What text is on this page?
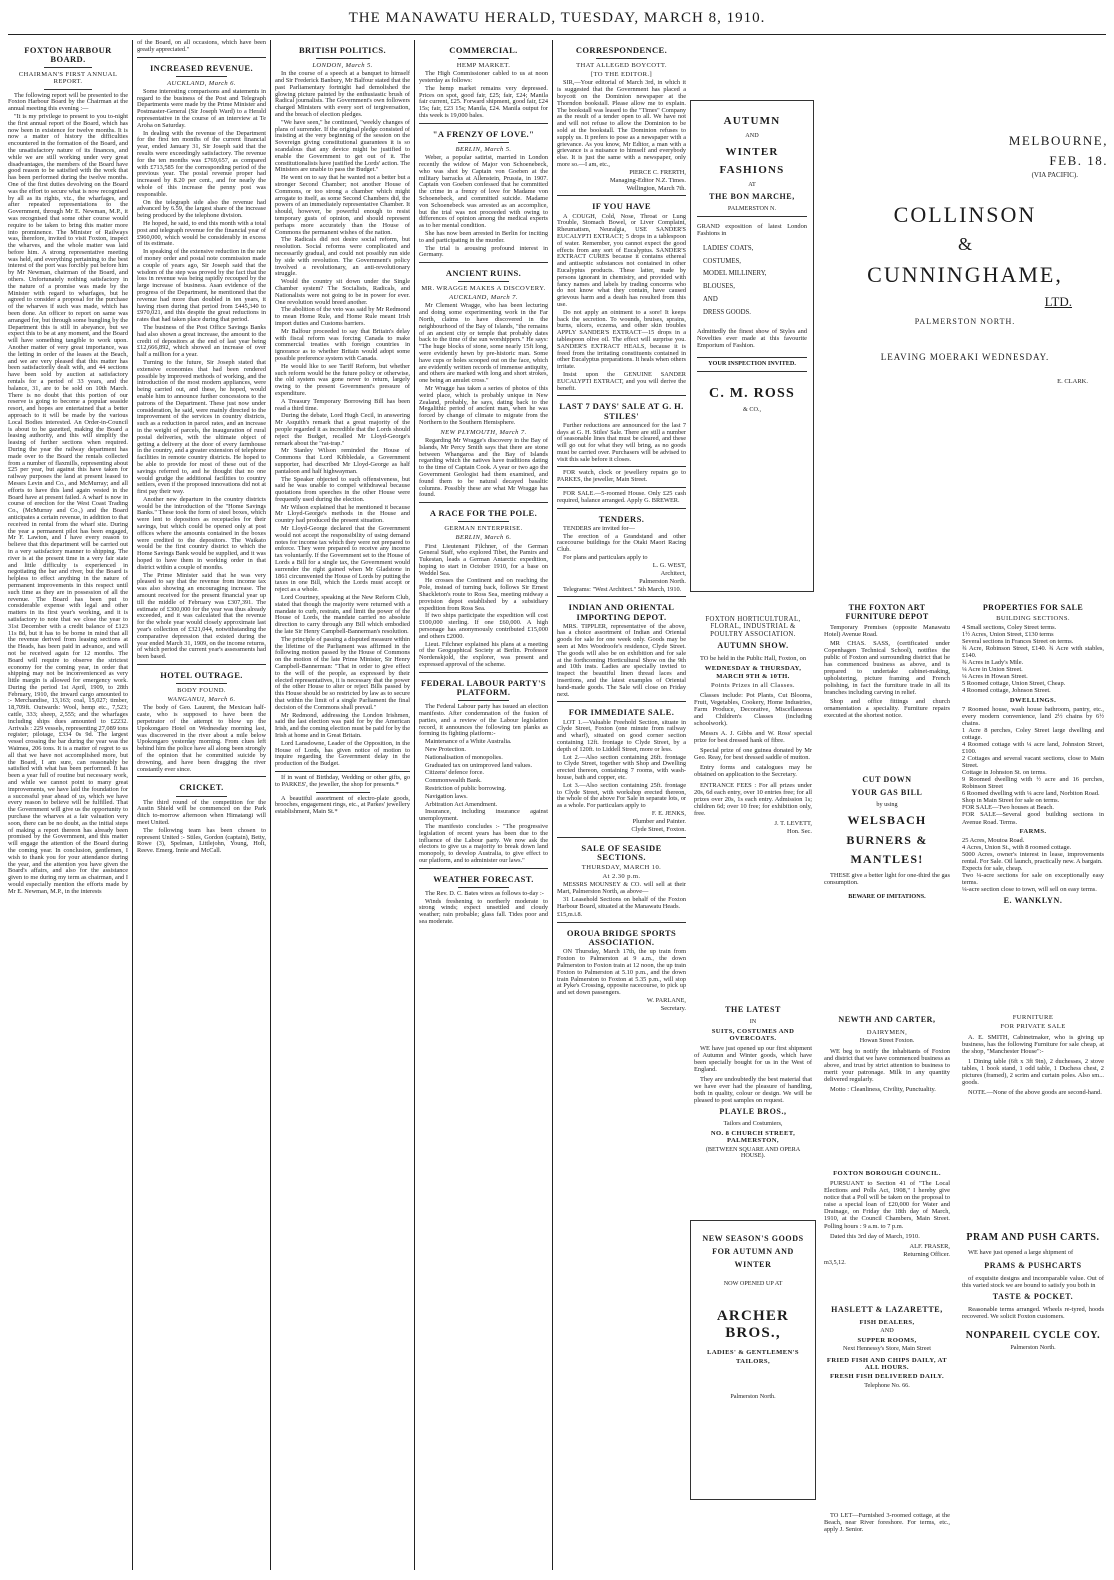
THE MANAWATU HERALD, TUESDAY, MARCH 8, 1910.
FOXTON HARBOUR BOARD.
CHAIRMAN'S FIRST ANNUAL REPORT.

The following report will be presented to the Foxton Harbour Board by the Chairman at the annual meeting this evening :—

"It is my privilege to present to you to-night the first annual report of the Board, which has now been in existence for twelve months. It is now a matter of history the difficulties encountered in the formation of the Board, and the unsatisfactory nature of its finances, and while we are still working under very great disadvantages, the members of the Board have good reason to be satisfied with the work that has been performed during the twelve months. One of the first duties devolving on the Board was the effort to secure what is now recognised by all as its rights, viz., the wharfages, and after repeated representations to the Government, through Mr E. Newman, M.P., it was recognised that some other course would require to be taken to bring this matter more into prominence. The Minister of Railways was, therefore, invited to visit Foxton, inspect the wharves, and the whole matter was laid before him. A strong representative meeting was held, and everything pertaining to the best interest of the port was forcibly put before him by Mr Newman, chairman of the Board, and others. Unfortunately nothing satisfactory in the nature of a promise was made by the Minister with regard to wharfages, but he agreed to consider a proposal for the purchase of the wharves if such was made, which has been done. An officer to report on same was arranged for, but through some bungling by the Department this is still in abeyance, but we expect this to be at any moment, and the Board will have something tangible to work upon. Another matter of very great importance, was the letting in order of the leases at the Beach, and we are very pleased that this matter has been satisfactorily dealt with, and 44 sections have been sold by auction at satisfactory rentals for a period of 33 years, and the balance, 31, are to be sold on 10th March. There is no doubt that this portion of our reserve is going to become a popular seaside resort, and hopes are entertained that a better approach to it will be made by the various Local Bodies interested. An Order-in-Council is about to be gazetted, making the Board a leasing authority, and this will simplify the leasing of further sections when required. During the year the railway department has made over to the Board the rentals collected from a number of flaxmills, representing about £25 per year, but against this have taken for railway purposes the land at present leased to Messrs Levin and Co., and McMurray; and all efforts to have this land again vested in the Board have at present failed. A wharf is now in course of erection for the West Coast Trading Co., (McMurray and Co.,) and the Board anticipates a certain revenue, in addition to that received in rental from the wharf site. During the year a permanent pilot has been engaged, Mr F. Lawton, and I have every reason to believe that this department will be carried out in a very satisfactory manner to shipping. The river is at the present time in a very fair state and little difficulty is experienced in negotiating the bar and river, but the Board is helpless to effect anything in the nature of permanent improvements in this respect until such time as they are in possession of all the revenue. The Board has been put to considerable expense with legal and other matters in its first year's working, and it is satisfactory to note that we close the year to 31st December with a credit balance of £123 11s 8d, but it has to be borne in mind that all the revenue derived from leasing sections at the Heads, has been paid in advance, and will not be received again for 12 months. The Board will require to observe the strictest economy for the coming year, in order that shipping may not be inconvenienced as very little margin is allowed for emergency work. During the period 1st April, 1909, to 28th February, 1910, the inward cargo amounted to :- Merchandise, 13,163; coal, 15,027; timber, 18,709ft. Outwards: Wool, hemp etc., 7,523; cattle, 333; sheep, 2,555; and the wharfages including ships dues amounted to £2232. Arrivals : 229 vessels, representing 27,089 tons register; pilotage, £334 0s 9d. The largest vessel crossing the bar during the year was the Waimea, 206 tons. It is a matter of regret to us all that we have not accomplished more, but the Board, I am sure, can reasonably be satisfied with what has been performed. It has been a year full of routine but necessary work, and while we cannot point to many great improvements, we have laid the foundation for a successful year ahead of us, which we have every reason to believe will be fulfilled. That the Government will give us the opportunity to purchase the wharves at a fair valuation very soon, there can be no doubt, as the initial steps of making a report thereon has already been promised by the Government, and this matter will engage the attention of the Board during the coming year. In conclusion, gentlemen, I wish to thank you for your attendance during the year, and the attention you have given the Board's affairs, and also for the assistance given to me during my term as chairman, and I would especially mention the efforts made by Mr E. Newman, M.P., in the interests

of the Board, on all occasions, which have been greatly appreciated."

INCREASED REVENUE.
AUCKLAND, March 6.

Some interesting comparisons and statements in regard to the business of the Post and Telegraph Departments were made by the Prime Minister and Postmaster-General (Sir Joseph Ward) to a Herald representative in the course of an interview at Te Aroha on Saturday.

In dealing with the revenue of the Department for the first ten months of the current financial year, ended January 31, Sir Joseph said that the results were exceedingly satisfactory. The revenue for the ten months was £769,657, as compared with £713,585 for the corresponding period of the previous year. The postal revenue proper had increased by 8.20 per cent., and for nearly the whole of this increase the penny post was responsible.

On the telegraph side also the revenue had advanced by 6.59, the largest share of the increase being produced by the telephone division.

He hoped, he said, to end this month with a total post and telegraph revenue for the financial year of £960,000, which would be considerably in excess of its estimate.

In speaking of the extensive reduction in the rate of money order and postal note commission made a couple of years ago, Sir Joseph said that the wisdom of the step was proved by the fact that the loss in revenue was being rapidly recouped by the large increase of business. Asan evidence of the progress of the Department, he mentioned that the revenue had more than doubled in ten years, it having risen during that period from £445,340 to £970,021, and this despite the great reductions in rates that had taken place during that period.

The business of the Post Office Savings Banks had also shown a great increase, the amount to the credit of depositors at the end of last year being £12,666,892, which showed an increase of over half a million for a year.

Turning to the future, Sir Joseph stated that extensive economies that had been rendered possible by improved methods of working, and the introduction of the most modern appliances, were being carried out, and these, he hoped, would enable him to announce further concessions to the patrons of the Department. These just now under consideration, he said, were mainly directed to the improvement of the services in country districts, such as a reduction in parcel rates, and an increase in the weight of parcels, the inauguration of rural postal deliveries, with the ultimate object of getting a delivery at the door of every farmhouse in the country, and a greater extension of telephone facilities in remote country districts. He hoped to be able to provide for most of these out of the savings referred to, and he thought that no one would grudge the additional facilities to country settlers, even if the proposed innovations did not at first pay their way.

Another new departure in the country districts would be the introduction of the "Home Savings Banks." These took the form of steel boxes, which were lent to depositors as receptacles for their savings, but which could be opened only at post offices where the amounts contained in the boxes were credited to the depositors. The Waikato would be the first country district to which the Home Savings Bank would be supplied, and it was hoped to have them in working order in that district within a couple of months.

The Prime Minister said that he was very pleased to say that the revenue from income tax was also showing an encouraging increase. The amount received for the present financial year up till the middle of February was £307,391. The estimate of £300,000 for the year was thus already exceeded, and it was calculated that the revenue for the whole year would closely approximate last year's collection of £321,044, notwithstanding the comparative depression that existed during the year ended March 31, 1909, on the income returns, of which period the current year's assessments had been based.

HOTEL OUTRAGE.
BODY FOUND.
WANGANUI, March 6.

The body of Geo. Laurent, the Mexican half-caste, who is supposed to have been the perpetrator of the attempt to blow up the Upokongaro Hotel on Wednesday morning last, was discovered in the river about a mile below Upokongaro yesterday morning. From clues left behind him the police have all along been strongly of the opinion that he committed suicide by drowning, and have been dragging the river constantly ever since.

CRICKET.

The third round of the competition for the Austin Shield will be commenced on the Park ditch to-morrow afternoon when Himatangi will meet United.

The following team has been chosen to represent United :- Stiles, Gordon (captain), Betty, Rowe (3), Spelman, Littlejohn, Young, Holt, Reeve. Emerg. Innie and McCall.

BRITISH POLITICS.
LONDON, March 5.

In the course of a speech at a banquet to himself and Sir Frederick Banbury, Mr Balfour stated that the past Parliamentary fortnight had demolished the glowing picture painted by the enthusiastic brush of Radical journalists. The Government's own followers charged Ministers with every sort of tergiversation, and the breach of election pledges.

"We have seen," he continued, "weekly changes of plans of surrender. If the original pledge consisted of insisting at the very beginning of the session on the Sovereign giving constitutional guarantees it is so scandalous that any device might be justified to enable the Government to get out of it. The constitutionalists have justified the Lords' action. The Ministers are unable to pass the Budget."

He went on to say that he wanted not a better but a stronger Second Chamber; not another House of Commons, or too strong a chamber which might arrogate to itself, as some Second Chambers did, the powers of an immediately representative Chamber. It should, however, be powerful enough to resist temporary gusts of opinion, and should represent perhaps more accurately than the House of Commons the permanent wishes of the nation.

The Radicals did not desire social reform, but resolution. Social reforms were complicated and necessarily gradual, and could not possibly run side by side with revolution. The Government's policy involved a revolutionary, an anti-revolutionary struggle.

Would the country sit down under the Single Chamber system? The Socialists, Radicals, and Nationalists were not going to be in power for ever. One revolution would breed another.

The abolition of the veto was said by Mr Redmond to mean Home Rule, and Home Rule meant Irish import duties and Customs barriers.

Mr Balfour proceeded to say that Britain's delay with fiscal reform was forcing Canada to make commercial treaties with foreign countries in ignorance as to whether Britain would adopt some possible preference system with Canada.

He would like to see Tariff Reform, but whether such reform would be the future policy or otherwise, the old system was gone never to return, largely owing to the present Government's pressure of expenditure.

A Treasury Temporary Borrowing Bill has been read a third time.

During the debate, Lord Hugh Cecil, in answering Mr Asquith's remark that a great majority of the people regarded it as incredible that the Lords should reject the Budget, recalled Mr Lloyd-George's remark about the "rat-trap."

Mr Stanley Wilson reminded the House of Commons that Lord Kibbledale, a Government supporter, had described Mr Lloyd-George as half pantaloon and half highwayman.

The Speaker objected to such offensiveness, but said he was unable to compel withdrawal because quotations from speeches in the other House were frequently used during the election.

Mr Wilson explained that he mentioned it because Mr Lloyd-George's methods in the House and country had produced the present situation.

Mr Lloyd-George declared that the Government would not accept the responsibility of using demand notes for income tax which they were not prepared to enforce. They were prepared to receive any income tax voluntarily. If the Government set to the House of Lords a Bill for a single tax, the Government would surrender the right gained when Mr Gladstone in 1861 circumvented the House of Lords by putting the taxes in one Bill, which the Lords must accept or reject as a whole.

Lord Courtney, speaking at the New Reform Club, stated that though the majority were returned with a mandate to curb, restrain, and limit the power of the House of Lords, the mandate carried no absolute direction to carry through any Bill which embodied the late Sir Henry Campbell-Bannerman's resolution.

The principle of passing a disputed measure within the lifetime of the Parliament was affirmed in the following motion passed by the House of Commons on the motion of the late Prime Minister, Sir Henry Campbell-Bannerman: "That in order to give effect to the will of the people, as expressed by their elected representatives, it is necessary that the power of the other House to alter or reject Bills passed by this House should be so restricted by law as to secure that within the limit of a single Parliament the final decision of the Commons shall prevail."

Mr Redmond, addressing the London Irishmen, said the last election was paid for by the American Irish, and the coming election must be paid for by the Irish at home and in Great Britain.

Lord Lansdowne, Leader of the Opposition, in the House of Lords, has given notice of motion to inquire regarding the Government delay in the production of the Budget.

If in want of Birthday, Wedding or other gifts, go to PARKES', the jeweller, the shop for presents.*

A beautiful assortment of electro-plate goods, brooches, engagement rings, etc., at Parkes' jewellery establishment, Main St.*

COMMERCIAL.
HEMP MARKET.

The High Commissioner cabled to us at noon yesterday as follows:

The hemp market remains very depressed. Prices on spot, good fair, £25; fair, £24; Manila fair current, £25. Forward shipment, good fair, £24 15s; fair, £23 15s; Manila, £24. Manila output for this week is 19,000 bales.

"A FRENZY OF LOVE."
BERLIN, March 5.

Weber, a popular satirist, married in London recently the widow of Major von Schoenebeck, who was shot by Captain von Goeben at the military barracks at Allenstein, Prussia, in 1907. Captain von Goeben confessed that he committed the crime in a frenzy of love for Madame von Schoenebeck, and committed suicide. Madame von Schoenebeck was arrested as an accomplice, but the trial was not proceeded with owing to differences of opinion among the medical experts as to her mental condition.

She has now been arrested in Berlin for inciting to and participating in the murder.

The trial is arousing profound interest in Germany.

ANCIENT RUINS.
MR. WRAGGE MAKES A DISCOVERY.
AUCKLAND, March 7.

Mr Clement Wragge, who has been lecturing and doing some experimenting work in the Far North, claims to have discovered in the neighbourhood of the Bay of Islands, "the remains of an ancient city or temple that probably dates back to the time of the sun worshippers." He says: "The huge blocks of stone, some nearly 15ft long, were evidently hewn by pre-historic man. Some have cups or holes scooped out on the face, which are evidently written records of immense antiquity, and others are marked with long and short strokes, one being an amulet cross."

Mr Wragge has taken a series of photos of this weird place, which is probably unique in New Zealand, probably, he says, dating back to the Megalithic period of ancient man, when he was forced by change of climate to migrate from the Northern to the Southern Hemisphere.

NEW PLYMOUTH, March 7.

Regarding Mr Wragge's discovery in the Bay of Islands, Mr Percy Smith says that there are stone between Whangaroa and the Bay of Islands regarding which the natives have traditions dating to the time of Captain Cook. A year or two ago the Government Geologist had them examined, and found them to be natural decayed basaltic columns. Possibly these are what Mr Wragge has found.

A RACE FOR THE POLE.
GERMAN ENTERPRISE.
BERLIN, March 6.

First Lieutenant Filchner, of the German General Staff, who explored Tibet, the Pamirs and Tukestan, leads a German Antarctic expedition, hoping to start in October 1910, for a base on Weddel Sea.

He crosses the Continent and on reaching the Pole, instead of turning back, follows Sir Ernest Shackleton's route to Ross Sea, meeting midway a provision depot established by a subsidiary expedition from Ross Sea.

If two ships participate the expedition will cost £100,000 sterling. If one £60,000. A high personage has anonymously contributed £15,000 and others £2000.

Lieut. Filchner explained his plans at a meeting of the Geographical Society at Berlin. Professor Nordenskjold, the explorer, was present and expressed approval of the scheme.

FEDERAL LABOUR PARTY'S PLATFORM.

The Federal Labour party has issued an election manifesto. After condemnation of the fusion of parties, and a review of the Labour legislation record, it announces the following ten planks as forming its fighting platform:-

Maintenance of a White Australia.

New Protection.

Nationalisation of monopolies.

Graduated tax on unimproved land values.

Citizens' defence force.

Commonwealth Bank.

Restriction of public borrowing.

Navigation laws.

Arbitration Act Amendment.

Insurance, including insurance against unemployment.

The manifesto concludes :- "The progressive legislation of recent years has been due to the influence of the Labour party. We now ask the electors to give us a majority to break down land monopoly, to develop Australia, to give effect to our platform, and to administer our laws."

WEATHER FORECAST.

The Rev. D. C. Bates wires as follows to-day :-

Winds freshening to northerly moderate to strong winds; expect unsettled and cloudy weather; rain probable; glass fall. Tides poor and sea moderate.

CORRESPONDENCE.
THAT ALLEGED BOYCOTT.
[TO THE EDITOR.]

SIR,—Your editorial of March 3rd, in which it is suggested that the Government has placed a boycott on the Dominion newspaper at the Thorndon bookstall. Please allow me to explain. The bookstall was leased to the "Times" Company as the result of a tender open to all. We have not and will not refuse to allow the Dominion to be sold at the bookstall. The Dominion refuses to supply us. It prefers to pose as a newspaper with a grievance. As you know, Mr Editor, a man with a grievance is a nuisance to himself and everybody else. It is just the same with a newspaper, only more so.—I am, etc.,

PIERCE C. FRERTH,
Managing-Editor N.Z. Times.
Wellington, March 7th.
IF YOU HAVE

A COUGH, Cold, Nose, Throat or Lung Trouble, Stomach Bowel, or Liver Complaint, Rheumatism, Neuralgia, USE SANDER'S EUCALYPTI EXTRACT; 5 drops in a tablespoon of water. Remember, you cannot expect the good effects from any sort of Eucalyptus. SANDER'S EXTRACT CURES because it contains ethereal and antiseptic substances not contained in other Eucalyptus products. These latter, made by persons ignorant in chemistry, and provided with fancy names and labels by trading concerns who do not know what they contain, have caused grievous harm and a death has resulted from this use.

Do not apply an ointment to a sore! It keeps back the secretion. To wounds, bruises, sprains, burns, ulcers, eczema, and other skin troubles APPLY SANDER'S EXTRACT—15 drops in a tablespoon olive oil. The effect will surprise you. SANDER'S EXTRACT HEALS, because it is freed from the irritating constituents contained in other Eucalyptus preparations. It heals when others irritate.

Insist upon the GENUINE SANDER EUCALYPTI EXTRACT, and you will derive the benefit.

LAST 7 DAYS' SALE AT G. H. STILES'

Further reductions are announced for the last 7 days at G. H. Stiles' Sale. There are still a number of seasonable lines that must be cleared, and these will go out for what they will bring, as no goods must be carried over. Purchasers will be advised to visit this sale before it closes.

FOR watch, clock or jewellery repairs go to PARKES, the jeweller, Main Street.

FOR SALE.—5-roomed House. Only £25 cash required, balance arranged. Apply G. BREWER.

TENDERS.

TENDERS are invited for—

The erection of a Grandstand and other racecourse buildings for the Otaki Maori Racing Club.

For plans and particulars apply to

L. G. WEST,
Architect,
Palmerston North.

Telegrams: "West Architect." 5th March, 1910.

INDIAN AND ORIENTAL IMPORTING DEPOT.

MRS. TIPPLER, representative of the above, has a choice assortment of Indian and Oriental goods for sale for one week only. Goods may be seen at Mrs Woodroofe's residence, Clyde Street. The goods will also be on exhibition and for sale at the forthcoming Horticultural Show on the 9th and 10th insts. Ladies are specially invited to inspect the beautiful linen thread laces and insertions, and the latest examples of Oriental hand-made goods. The Sale will close on Friday next.

FOR IMMEDIATE SALE.

LOT 1.—Valuable Freehold Section, situate in Clyde Street, Foxton (one minute from railway and wharf), situated on good corner section containing 12ft. frontage to Clyde Street, by a depth of 120ft. to Liddell Street, more or less.

Lot 2.—Also section containing 26ft. frontage to Clyde Street, together with Shop and Dwelling erected thereon, containing 7 rooms, with wash-house, bath and copper, etc.

Lot 3.—Also section containing 25ft. frontage to Clyde Street, with workshop erected thereon, the whole of the above For Sale in separate lots, or as a whole. For particulars apply to

F. E. JENKS,
Plumber and Painter.
Clyde Street, Foxton.
SALE OF SEASIDE SECTIONS.
THURSDAY, MARCH 10.
At 2.30 p.m.

MESSRS MOUNSEY & CO. will sell at their Mart, Palmerston North, as above—

31 Leasehold Sections on behalf of the Foxton Harbour Board, situated at the Manawatu Heads.

£15,m.i.8.
OROUA BRIDGE SPORTS ASSOCIATION.

ON Thursday, March 17th, the up train from Foxton to Palmerston at 9 a.m., the down Palmerston to Foxton train at 12 noon, the up train Foxton to Palmerston at 5.10 p.m., and the down train Palmerston to Foxton at 5.35 p.m., will stop at Pyke's Crossing, opposite racecourse, to pick up and set down passengers.

W. PARLANE,
Secretary.
AUTUMN
AND
WINTER
FASHIONS
AT
THE BON MARCHE,
PALMERSTON N.

GRAND exposition of latest London Fashions in

LADIES' COATS,
COSTUMES,
MODEL MILLINERY,
BLOUSES,
AND
DRESS GOODS.

Admittedly the finest show of Styles and Novelties ever made at this favourite Emporium of Fashion.

YOUR INSPECTION INVITED.
C. M. ROSS
& CO.,
MELBOURNE,
FEB. 18.
(VIA PACIFIC).
COLLINSON
&
CUNNINGHAME,
LTD.
PALMERSTON NORTH.
LEAVING MOERAKI WEDNESDAY.
E. CLARK.
THE FOXTON ART FURNITURE DEPOT

Temporary Premises (opposite Manawatu Hotel) Avenue Road.

MR CHAS. SASS, (certificated under Copenhagen Technical School), notifies the public of Foxton and surrounding district that he has commenced business as above, and is prepared to undertake cabinet-making, upholstering, picture framing and French polishing, in fact the furniture trade in all its branches including carving in relief.

Shop and office fittings and church ornamentation a speciality. Furniture repairs executed at the shortest notice.

CUT DOWN
YOUR GAS BILL
by using
WELSBACH
BURNERS &
MANTLES!

THESE give a better light for one-third the gas consumption.

BEWARE OF IMITATIONS.
PROPERTIES FOR SALE
BUILDING SECTIONS.

4 Small sections, Coley Street terms.

1½ Acres, Union Street, £130 terms

Several sections in Frances Street on terms.

¾ Acre, Robinson Street, £140. ¾ Acre with stables, £140.

¾ Acres in Lady's Mile.

¼ Acre in Union Street.

¼ Acres in Howan Street.

5 Roomed cottage, Union Street, Cheap.

4 Roomed cottage, Johnson Street.

DWELLINGS.

7 Roomed house, wash house bathroom, pantry, etc., every modern convenience, land 2½ chains by 6½ chains.

1 Acre 8 perches, Coley Street large dwelling and cottage.

4 Roomed cottage with ¼ acre land, Johnston Street, £100.

2 Cottages and several vacant sections, close to Main Street.

Cottage in Johnston St. on terms.

9 Roomed dwelling with ½ acre and 16 perches, Robinson Street

6 Roomed dwelling with ¼ acre land, Norbiton Road.

Shop in Main Street for sale on terms.

FOR SALE—Two houses at Beach.

FOR SALE—Several good building sections in Avenue Road. Terms.

FARMS.

25 Acres, Moutoa Road.

4 Acres, Union St., with 8 roomed cottage.

5000 Acres, owner's interest in lease, improvements rental. For Sale. Oil launch, practically new. A bargain.

Expects for sale, cheap.

Two ¼-acre sections for sale on exceptionally easy terms.

¼-acre section close to town, will sell on easy terms.

E. WANKLYN.
FOXTON HORTICULTURAL, FLORAL, INDUSTRIAL & POULTRY ASSOCIATION.
AUTUMN SHOW.

TO be held in the Public Hall, Foxton, on

WEDNESDAY & THURSDAY, MARCH 9TH & 10TH.
Points Prizes in all Classes.

Classes include: Pot Plants, Cut Blooms, Fruit, Vegetables, Cookery, Home Industries, Farm Produce, Decorative, Miscellaneous and Children's Classes (including schoolwork).

Messrs A. J. Gibbs and W. Ross' special prize for best dressed hank of fibre.

Special prize of one guinea donated by Mr Geo. Reay, for best dressed saddle of mutton.

Entry forms and catalogues may be obtained on application to the Secretary.

ENTRANCE FEES : For all prizes under 20s, 6d each entry, over 10 entries free; for all prizes over 20s, 1s each entry. Admission 1s; children 6d; over 10 free; for exhibition only, free.

J. T. LEVETT,
Hon. Sec.
NEWTH AND CARTER,
DAIRYMEN,
Howan Street Foxton.

WE beg to notify the inhabitants of Foxton and district that we have commenced business as above, and trust by strict attention to business to merit your patronage. Milk in any quantity delivered regularly.

Motto : Cleanliness, Civility, Punctuality.

THE LATEST
IN
SUITS, COSTUMES AND OVERCOATS.

WE have just opened up our first shipment of Autumn and Winter goods, which have been specially bought for us in the West of England.

They are undoubtedly the best material that we have ever had the pleasure of handling, both in quality, colour or design. We will be pleased to post samples on request.

PLAYLE BROS.,
Tailors and Costumiers,
NO. 8 CHURCH STREET, PALMERSTON,
(BETWEEN SQUARE AND OPERA HOUSE).
FOXTON BOROUGH COUNCIL.

PURSUANT to Section 41 of "The Local Elections and Polls Act, 1908," I hereby give notice that a Poll will be taken on the proposal to raise a special loan of £20,000 for Water and Drainage, on Friday the 18th day of March, 1910, at the Council Chambers, Main Street. Polling hours : 9 a.m. to 7 p.m.

Dated this 3rd day of March, 1910.

ALF. FRASER,
Returning Officer.
m3,5,12.
NEW SEASON'S GOODS
FOR AUTUMN AND
WINTER
NOW OPENED UP AT
ARCHER BROS.,
LADIES' & GENTLEMEN'S
TAILORS,
Palmerston North.
HASLETT & LAZARETTE,
FISH DEALERS,
AND
SUPPER ROOMS,
Next Hennessy's Store, Main Street
FRIED FISH AND CHIPS DAILY, AT ALL HOURS.
FRESH FISH DELIVERED DAILY.
Telephone No. 66.

TO LET—Furnished 3-roomed cottage, at the Beach, near River foreshore. For terms, etc., apply J. Senior.

FURNITURE
FOR PRIVATE SALE

A. E. SMITH, Cabinetmaker, who is giving up business, has the following Furniture for sale cheap, at the shop, "Manchester House":-

1 Dining table (6ft x 3ft 9in), 2 duchesses, 2 stove tables, 1 book stand, 1 odd table, 1 Duchess chest, 2 pictures (framed), 2 scrim and curtain poles. Also sm... goods.

NOTE.—None of the above goods are second-hand.

PRAM AND PUSH CARTS.

WE have just opened a large shipment of

PRAMS & PUSHCARTS

of exquisite designs and incomparable value. Out of this varied stock we are bound to satisfy you both in

TASTE & POCKET.

Reasonable terms arranged. Wheels re-tyred, hoods recovered. We solicit Foxton customers.

NONPAREIL CYCLE COY.
Palmerston North.
